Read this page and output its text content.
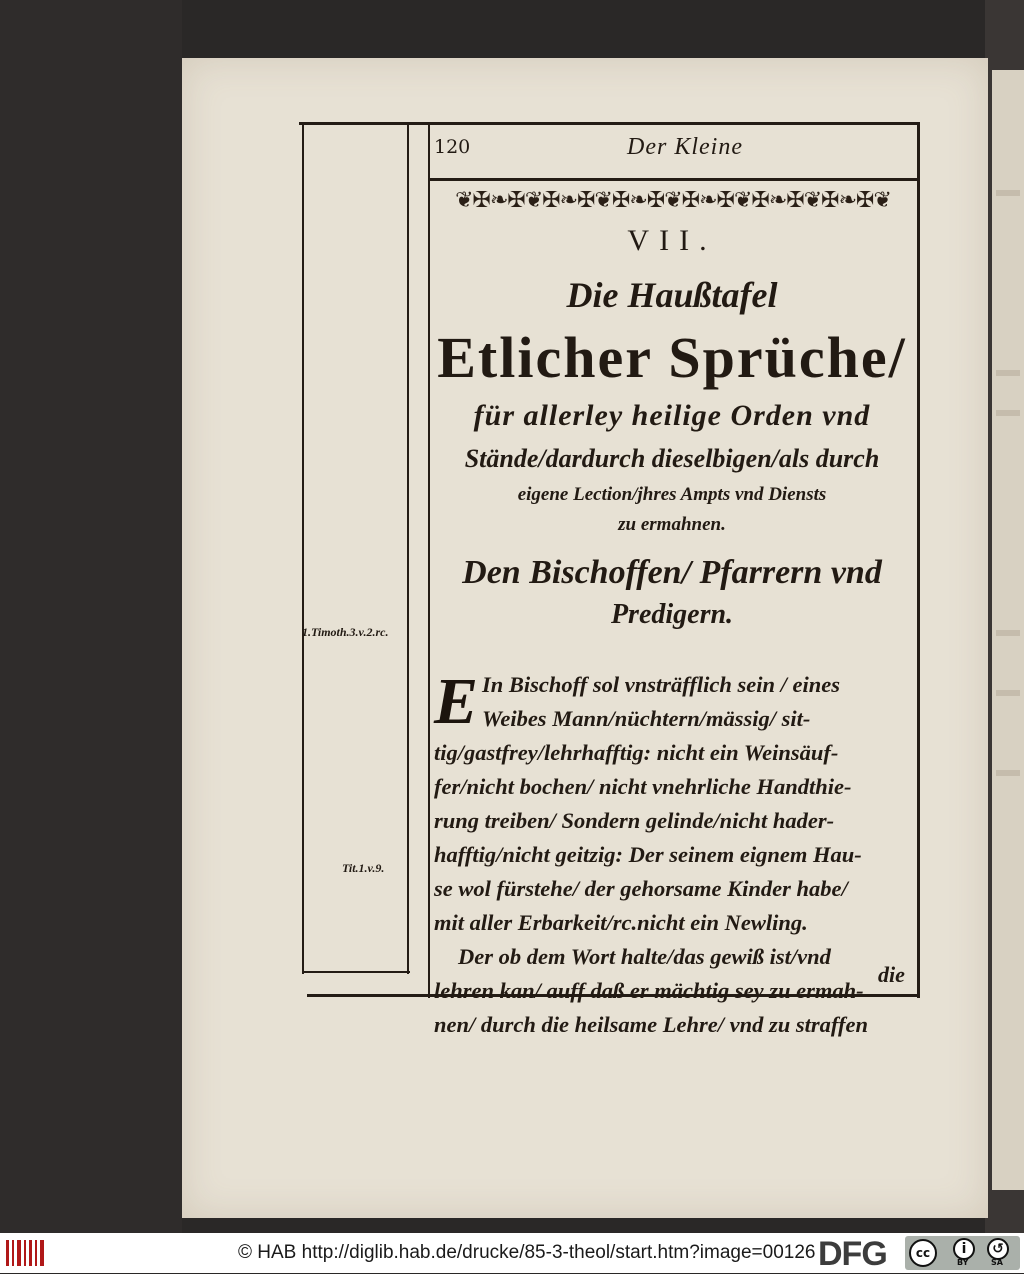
120	Der Kleine
❦✠❧✠❦✠❧✠❦✠❧✠❦✠❧✠❦✠❧✠❦✠❧✠❦
VII.
Die Haußtafel
Etlicher Sprüche/
für allerley heilige Orden vnd
Stände/dardurch dieselbigen/als durch
eigene Lection/jhres Ampts vnd Diensts
zu ermahnen.
Den Bischoffen/ Pfarrern vnd
Predigern.
E In Bischoff sol vnsträfflich sein / eines
Weibes Mann/nüchtern/mässig/ sit-
tig/gastfrey/lehrhafftig: nicht ein Weinsäuf-
fer/nicht bochen/ nicht vnehrliche Handthie-
rung treiben/ Sondern gelinde/nicht hader-
hafftig/nicht geitzig: Der seinem eignem Hau-
se wol fürstehe/ der gehorsame Kinder habe/
mit aller Erbarkeit/rc.nicht ein Newling.
Der ob dem Wort halte/das gewiß ist/vnd
lehren kan/ auff daß er mächtig sey zu ermah-
nen/ durch die heilsame Lehre/ vnd zu straffen
die
1.Timoth.3.v.2.rc.
Tit.1.v.9.
© HAB http://diglib.hab.de/drucke/85-3-theol/start.htm?image=00126 DFG	cc	i	↺
BY	SA
